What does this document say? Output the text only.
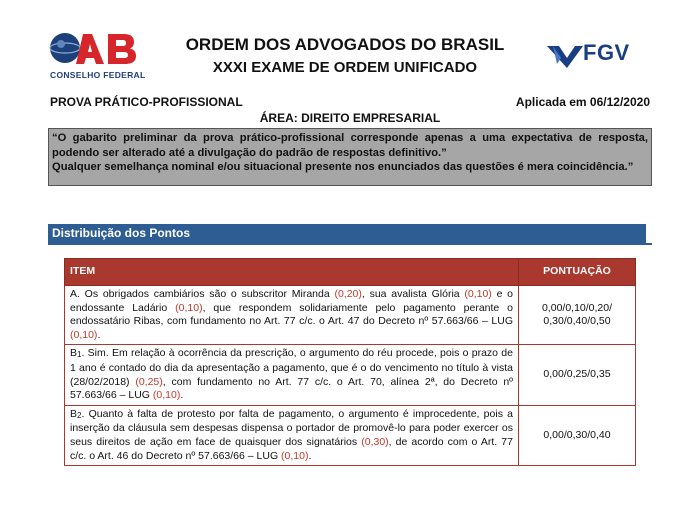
CONSELHO FEDERAL

ORDEM DOS ADVOGADOS DO BRASIL

XXXI EXAME DE ORDEM UNIFICADO

FGV
PROVA PRÁTICO-PROFISSIONAL	Aplicada em 06/12/2020
ÁREA: DIREITO EMPRESARIAL

“O gabarito preliminar da prova prático-profissional corresponde apenas a uma expectativa de resposta, podendo ser alterado até a divulgação do padrão de respostas definitivo.”

Qualquer semelhança nominal e/ou situacional presente nos enunciados das questões é mera coincidência.”

Distribuição dos Pontos
ITEM	PONTUAÇÃO
A. Os obrigados cambiários são o subscritor Miranda (0,20), sua avalista Glória (0,10) e o endossante Ladário (0,10), que respondem solidariamente pelo pagamento perante o endossatário Ribas, com fundamento no Art. 77 c/c. o Art. 47 do Decreto nº 57.663/66 – LUG (0,10).	0,00/0,10/0,20/
0,30/0,40/0,50
$B_1$. Sim. Em relação à ocorrência da prescrição, o argumento do réu procede, pois o prazo de 1 ano é contado do dia da apresentação a pagamento, que é o do vencimento no título à vista (28/02/2018) (0,25), com fundamento no Art. 77 c/c. o Art. 70, alínea 2ª, do Decreto nº 57.663/66 – LUG (0,10).	0,00/0,25/0,35
$B_2$. Quanto à falta de protesto por falta de pagamento, o argumento é improcedente, pois a inserção da cláusula sem despesas dispensa o portador de promovê-lo para poder exercer os seus direitos de ação em face de quaisquer dos signatários (0,30), de acordo com o Art. 77 c/c. o Art. 46 do Decreto nº 57.663/66 – LUG (0,10).	0,00/0,30/0,40
